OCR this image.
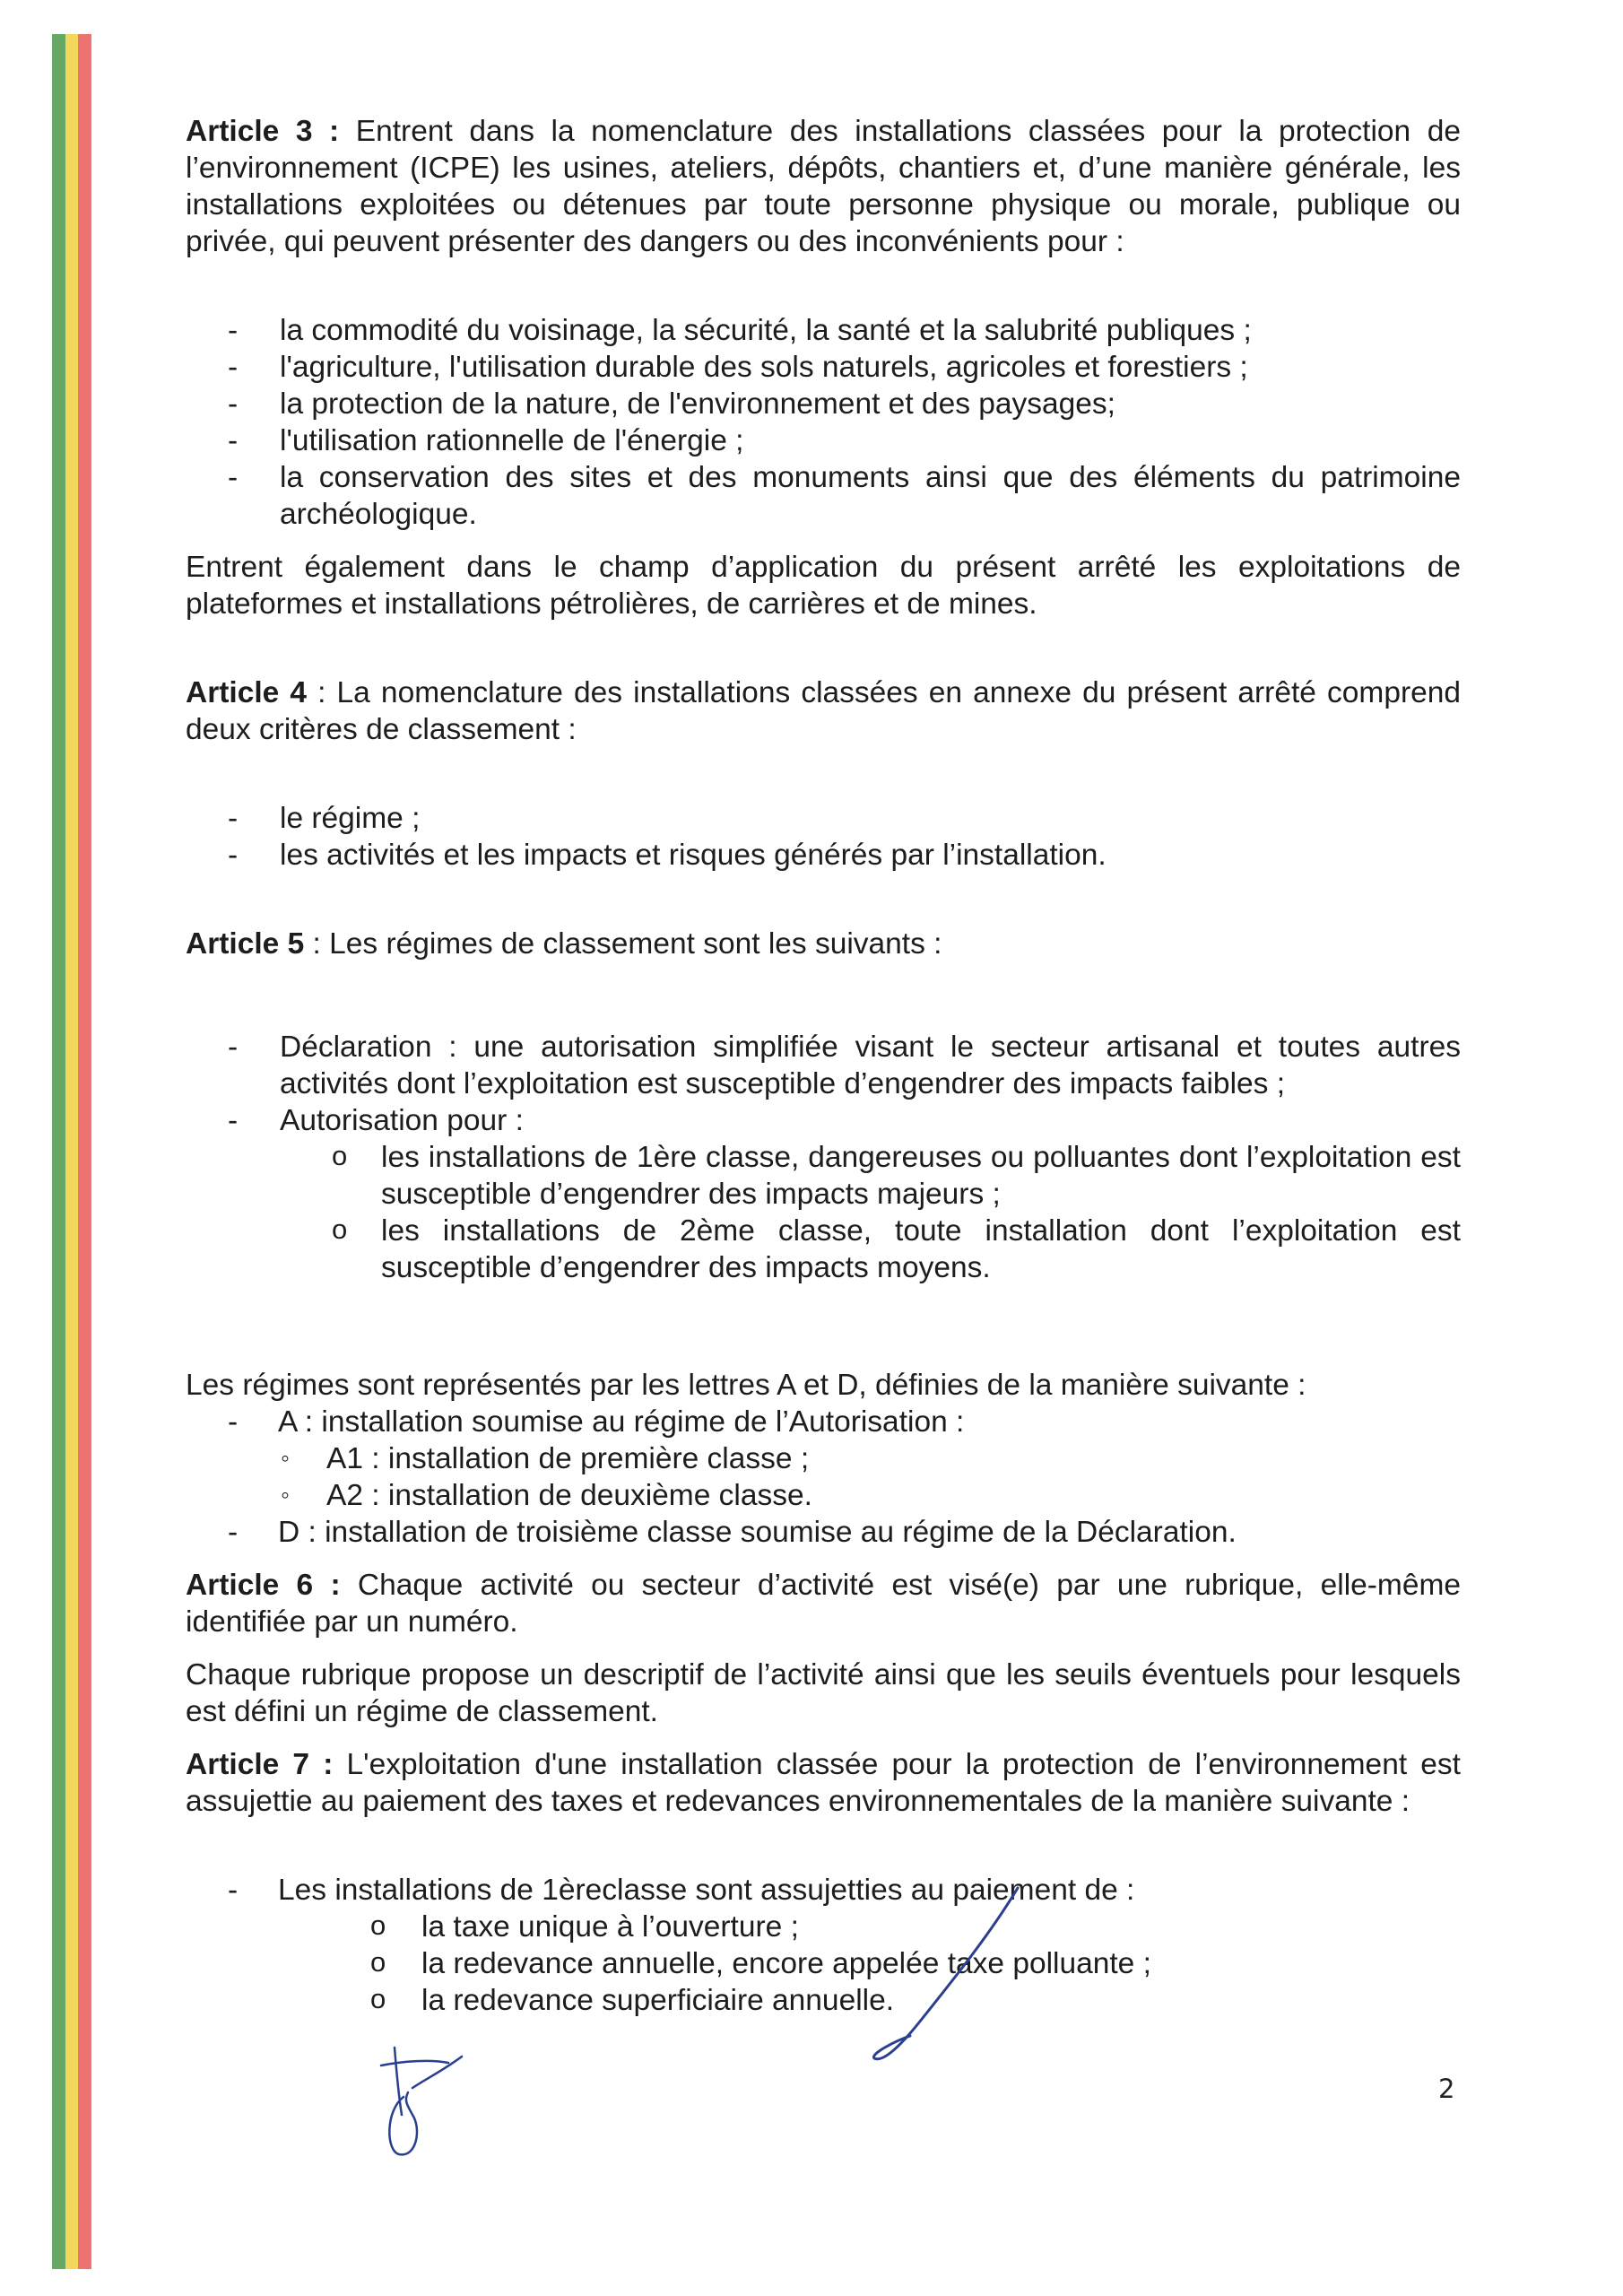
Article 3 : Entrent dans la nomenclature des installations classées pour la protection de l’environnement (ICPE) les usines, ateliers, dépôts, chantiers et, d’une manière générale, les installations exploitées ou détenues par toute personne physique ou morale, publique ou privée, qui peuvent présenter des dangers ou des inconvénients pour :

- la commodité du voisinage, la sécurité, la santé et la salubrité publiques ;
- l'agriculture, l'utilisation durable des sols naturels, agricoles et forestiers ;
- la protection de la nature, de l'environnement et des paysages;
- l'utilisation rationnelle de l'énergie ;
- la conservation des sites et des monuments ainsi que des éléments du patrimoine archéologique.

Entrent également dans le champ d’application du présent arrêté les exploitations de plateformes et installations pétrolières, de carrières et de mines.

Article 4 : La nomenclature des installations classées en annexe du présent arrêté comprend deux critères de classement :

- le régime ;
- les activités et les impacts et risques générés par l’installation.

Article 5 : Les régimes de classement sont les suivants :

- Déclaration : une autorisation simplifiée visant le secteur artisanal et toutes autres activités dont l’exploitation est susceptible d’engendrer des impacts faibles ;
- Autorisation pour :
o les installations de 1ère classe, dangereuses ou polluantes dont l’exploitation est susceptible d’engendrer des impacts majeurs ;
o les installations de 2ème classe, toute installation dont l’exploitation est susceptible d’engendrer des impacts moyens.

Les régimes sont représentés par les lettres A et D, définies de la manière suivante :

- A : installation soumise au régime de l’Autorisation :
◦ A1 : installation de première classe ;
◦ A2 : installation de deuxième classe.
- D : installation de troisième classe soumise au régime de la Déclaration.

Article 6 : Chaque activité ou secteur d’activité est visé(e) par une rubrique, elle-même identifiée par un numéro.

Chaque rubrique propose un descriptif de l’activité ainsi que les seuils éventuels pour lesquels est défini un régime de classement.

Article 7 : L'exploitation d'une installation classée pour la protection de l’environnement est assujettie au paiement des taxes et redevances environnementales de la manière suivante :

- Les installations de 1èreclasse sont assujetties au paiement de :
o la taxe unique à l’ouverture ;
o la redevance annuelle, encore appelée taxe polluante ;
o la redevance superficiaire annuelle.
2
